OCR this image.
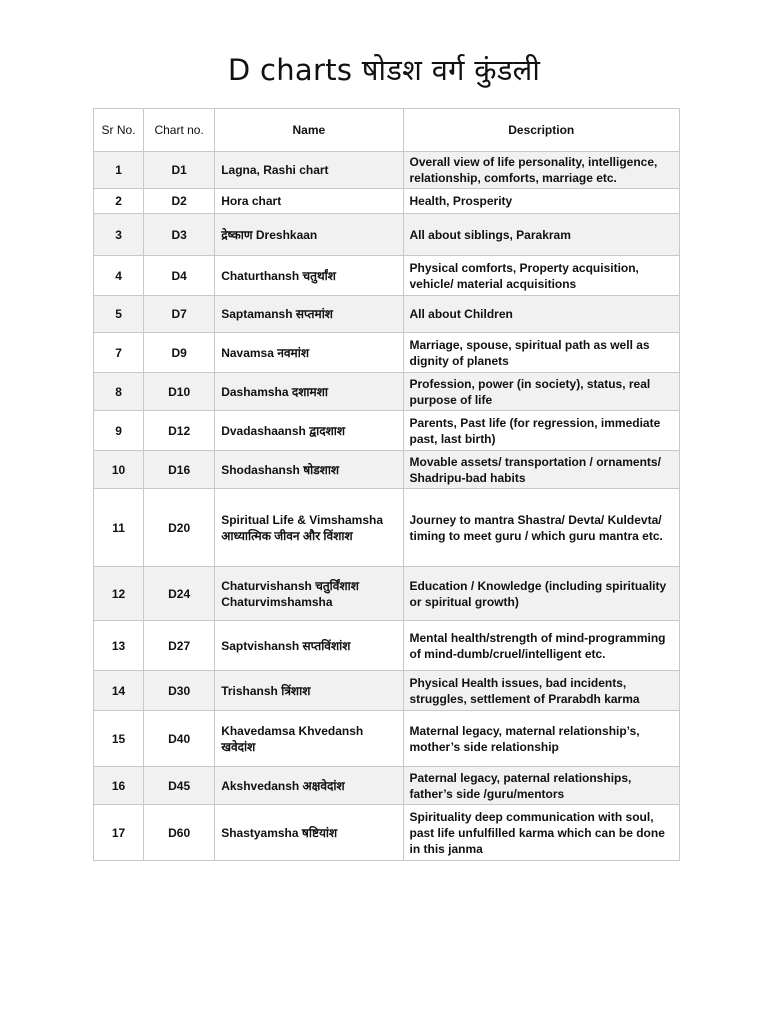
D charts षोडश वर्ग कुंडली
Sr No.	Chart no.	Name	Description
1	D1	Lagna, Rashi chart	Overall view of life personality, intelligence, relationship, comforts, marriage etc.
2	D2	Hora chart	Health, Prosperity
3	D3	द्रेष्काण Dreshkaan	All about siblings, Parakram
4	D4	Chaturthansh चतुर्थांश	Physical comforts, Property acquisition, vehicle/ material acquisitions
5	D7	Saptamansh सप्तमांश	All about Children
7	D9	Navamsa नवमांश	Marriage, spouse, spiritual path as well as dignity of planets
8	D10	Dashamsha दशामशा	Profession, power (in society), status, real purpose of life
9	D12	Dvadashaansh द्वादशाश	Parents, Past life (for regression, immediate past, last birth)
10	D16	Shodashansh षोडशाश	Movable assets/ transportation / ornaments/ Shadripu-bad habits
11	D20	Spiritual Life & Vimshamsha आध्यात्मिक जीवन और विंशाश	Journey to mantra Shastra/ Devta/ Kuldevta/ timing to meet guru / which guru mantra etc.
12	D24	Chaturvishansh चतुर्विंशाश Chaturvimshamsha	Education / Knowledge (including spirituality or spiritual growth)
13	D27	Saptvishansh सप्तविंशांश	Mental health/strength of mind-programming of mind-dumb/cruel/intelligent etc.
14	D30	Trishansh त्रिंशाश	Physical Health issues, bad incidents, struggles, settlement of Prarabdh karma
15	D40	Khavedamsa Khvedansh खवेदांश	Maternal legacy, maternal relationship’s, mother’s side relationship
16	D45	Akshvedansh अक्षवेदांश	Paternal legacy, paternal relationships, father’s side /guru/mentors
17	D60	Shastyamsha षष्टियांश	Spirituality deep communication with soul, past life unfulfilled karma which can be done in this janma
